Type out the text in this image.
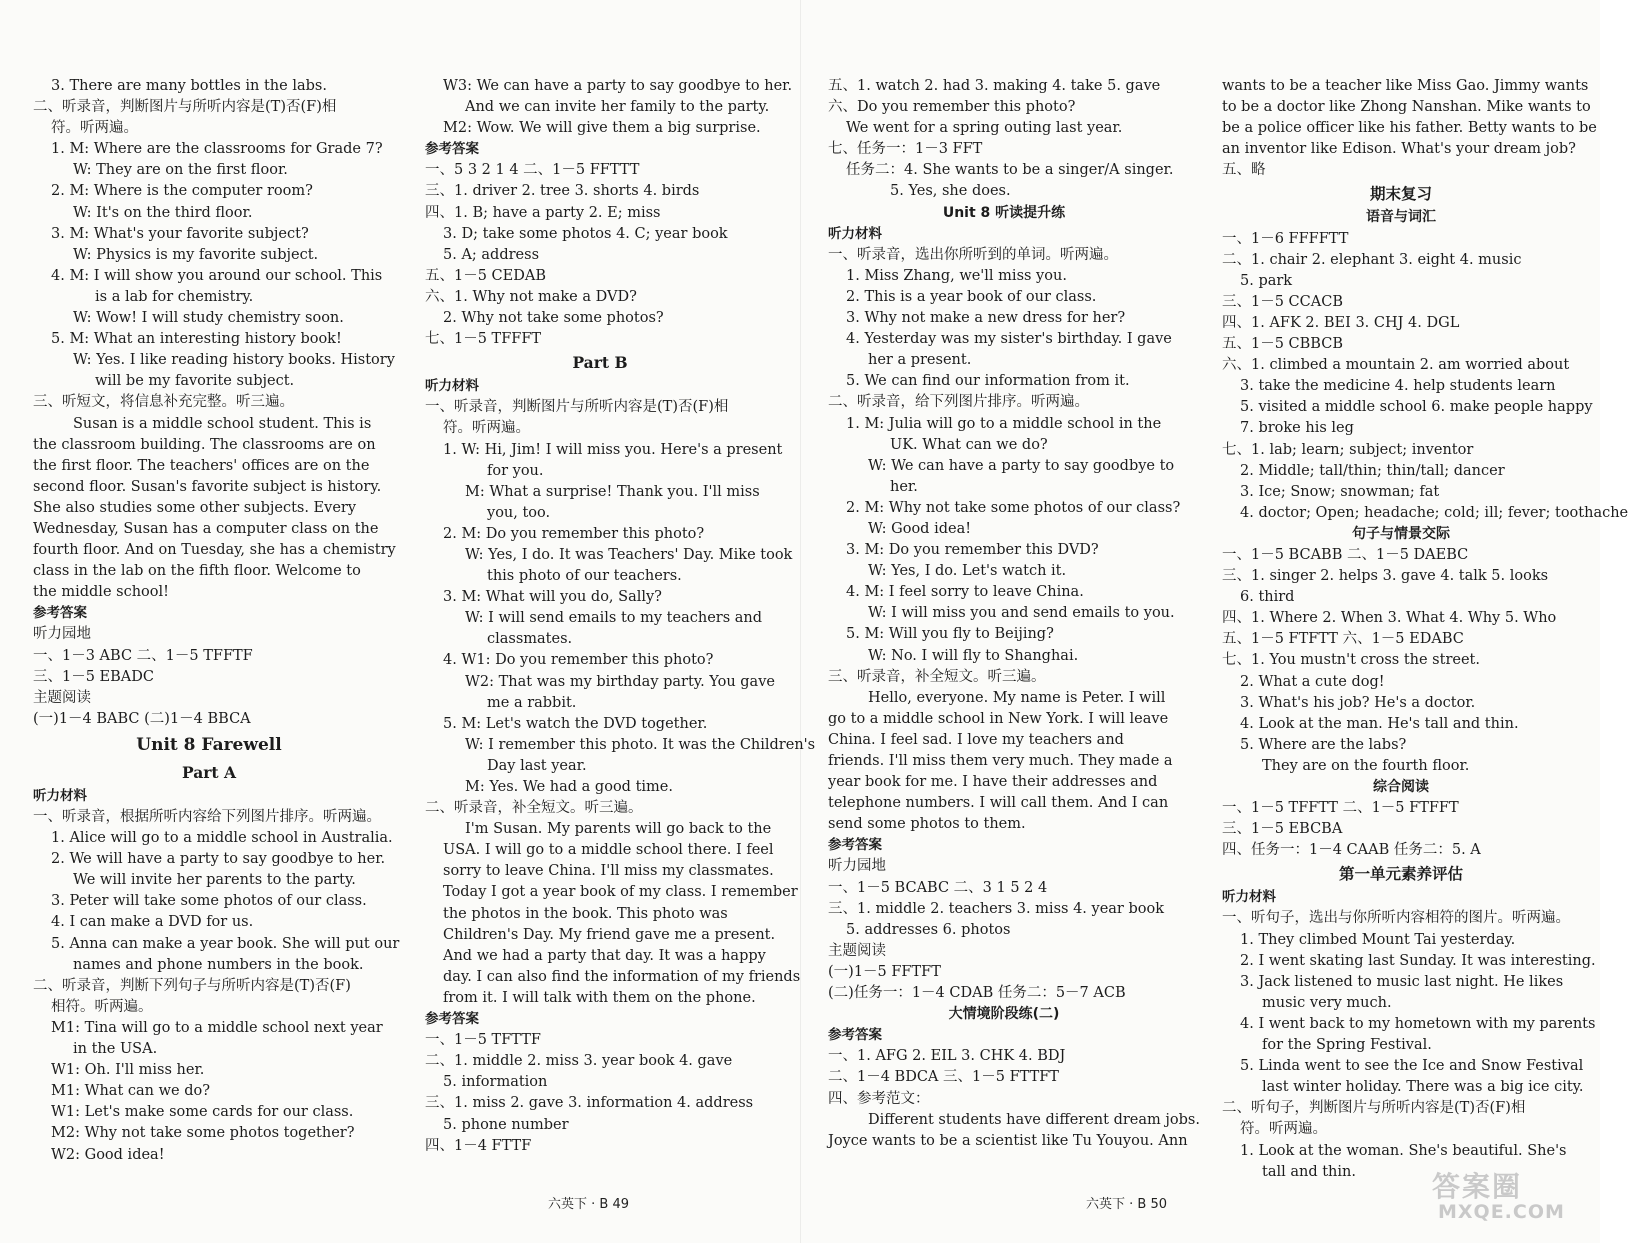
3. There are many bottles in the labs.
二、听录音，判断图片与所听内容是(T)否(F)相
符。听两遍。
1. M: Where are the classrooms for Grade 7?
W: They are on the first floor.
2. M: Where is the computer room?
W: It's on the third floor.
3. M: What's your favorite subject?
W: Physics is my favorite subject.
4. M: I will show you around our school. This
is a lab for chemistry.
W: Wow! I will study chemistry soon.
5. M: What an interesting history book!
W: Yes. I like reading history books. History
will be my favorite subject.
三、听短文，将信息补充完整。听三遍。
Susan is a middle school student. This is
the classroom building. The classrooms are on
the first floor. The teachers' offices are on the
second floor. Susan's favorite subject is history.
She also studies some other subjects. Every
Wednesday, Susan has a computer class on the
fourth floor. And on Tuesday, she has a chemistry
class in the lab on the fifth floor. Welcome to
the middle school!
参考答案
听力园地
一、1－3 ABC 二、1－5 TFFTF
三、1－5 EBADC
主题阅读
(一)1－4 BABC (二)1－4 BBCA
Unit 8 Farewell
Part A
听力材料
一、听录音，根据所听内容给下列图片排序。听两遍。
1. Alice will go to a middle school in Australia.
2. We will have a party to say goodbye to her.
We will invite her parents to the party.
3. Peter will take some photos of our class.
4. I can make a DVD for us.
5. Anna can make a year book. She will put our
names and phone numbers in the book.
二、听录音，判断下列句子与所听内容是(T)否(F)
相符。听两遍。
M1: Tina will go to a middle school next year
in the USA.
W1: Oh. I'll miss her.
M1: What can we do?
W1: Let's make some cards for our class.
M2: Why not take some photos together?
W2: Good idea!
W3: We can have a party to say goodbye to her.
And we can invite her family to the party.
M2: Wow. We will give them a big surprise.
参考答案
一、5 3 2 1 4 二、1－5 FFTTT
三、1. driver 2. tree 3. shorts 4. birds
四、1. B; have a party 2. E; miss
3. D; take some photos 4. C; year book
5. A; address
五、1－5 CEDAB
六、1. Why not make a DVD?
2. Why not take some photos?
七、1－5 TFFFT
Part B
听力材料
一、听录音，判断图片与所听内容是(T)否(F)相
符。听两遍。
1. W: Hi, Jim! I will miss you. Here's a present
for you.
M: What a surprise! Thank you. I'll miss
you, too.
2. M: Do you remember this photo?
W: Yes, I do. It was Teachers' Day. Mike took
this photo of our teachers.
3. M: What will you do, Sally?
W: I will send emails to my teachers and
classmates.
4. W1: Do you remember this photo?
W2: That was my birthday party. You gave
me a rabbit.
5. M: Let's watch the DVD together.
W: I remember this photo. It was the Children's
Day last year.
M: Yes. We had a good time.
二、听录音，补全短文。听三遍。
I'm Susan. My parents will go back to the
USA. I will go to a middle school there. I feel
sorry to leave China. I'll miss my classmates.
Today I got a year book of my class. I remember
the photos in the book. This photo was
Children's Day. My friend gave me a present.
And we had a party that day. It was a happy
day. I can also find the information of my friends
from it. I will talk with them on the phone.
参考答案
一、1－5 TFTTF
二、1. middle 2. miss 3. year book 4. gave
5. information
三、1. miss 2. gave 3. information 4. address
5. phone number
四、1－4 FTTF
五、1. watch 2. had 3. making 4. take 5. gave
六、Do you remember this photo?
We went for a spring outing last year.
七、任务一：1－3 FFT
任务二：4. She wants to be a singer/A singer.
5. Yes, she does.
Unit 8 听读提升练
听力材料
一、听录音，选出你所听到的单词。听两遍。
1. Miss Zhang, we'll miss you.
2. This is a year book of our class.
3. Why not make a new dress for her?
4. Yesterday was my sister's birthday. I gave
her a present.
5. We can find our information from it.
二、听录音，给下列图片排序。听两遍。
1. M: Julia will go to a middle school in the
UK. What can we do?
W: We can have a party to say goodbye to
her.
2. M: Why not take some photos of our class?
W: Good idea!
3. M: Do you remember this DVD?
W: Yes, I do. Let's watch it.
4. M: I feel sorry to leave China.
W: I will miss you and send emails to you.
5. M: Will you fly to Beijing?
W: No. I will fly to Shanghai.
三、听录音，补全短文。听三遍。
Hello, everyone. My name is Peter. I will
go to a middle school in New York. I will leave
China. I feel sad. I love my teachers and
friends. I'll miss them very much. They made a
year book for me. I have their addresses and
telephone numbers. I will call them. And I can
send some photos to them.
参考答案
听力园地
一、1－5 BCABC 二、3 1 5 2 4
三、1. middle 2. teachers 3. miss 4. year book
5. addresses 6. photos
主题阅读
(一)1－5 FFTFT
(二)任务一：1－4 CDAB 任务二：5－7 ACB
大情境阶段练(二)
参考答案
一、1. AFG 2. EIL 3. CHK 4. BDJ
二、1－4 BDCA 三、1－5 FTTFT
四、参考范文：
Different students have different dream jobs.
Joyce wants to be a scientist like Tu Youyou. Ann
wants to be a teacher like Miss Gao. Jimmy wants
to be a doctor like Zhong Nanshan. Mike wants to
be a police officer like his father. Betty wants to be
an inventor like Edison. What's your dream job?
五、略
期末复习
语音与词汇
一、1－6 FFFFTT
二、1. chair 2. elephant 3. eight 4. music
5. park
三、1－5 CCACB
四、1. AFK 2. BEI 3. CHJ 4. DGL
五、1－5 CBBCB
六、1. climbed a mountain 2. am worried about
3. take the medicine 4. help students learn
5. visited a middle school 6. make people happy
7. broke his leg
七、1. lab; learn; subject; inventor
2. Middle; tall/thin; thin/tall; dancer
3. Ice; Snow; snowman; fat
4. doctor; Open; headache; cold; ill; fever; toothache
句子与情景交际
一、1－5 BCABB 二、1－5 DAEBC
三、1. singer 2. helps 3. gave 4. talk 5. looks
6. third
四、1. Where 2. When 3. What 4. Why 5. Who
五、1－5 FTFTT 六、1－5 EDABC
七、1. You mustn't cross the street.
2. What a cute dog!
3. What's his job? He's a doctor.
4. Look at the man. He's tall and thin.
5. Where are the labs?
They are on the fourth floor.
综合阅读
一、1－5 TFFTT 二、1－5 FTFFT
三、1－5 EBCBA
四、任务一：1－4 CAAB 任务二：5. A
第一单元素养评估
听力材料
一、听句子，选出与你所听内容相符的图片。听两遍。
1. They climbed Mount Tai yesterday.
2. I went skating last Sunday. It was interesting.
3. Jack listened to music last night. He likes
music very much.
4. I went back to my hometown with my parents
for the Spring Festival.
5. Linda went to see the Ice and Snow Festival
last winter holiday. There was a big ice city.
二、听句子，判断图片与所听内容是(T)否(F)相
符。听两遍。
1. Look at the woman. She's beautiful. She's
tall and thin.
六英下 · B 49	六英下 · B 50
答案圈
MXQE.COM
